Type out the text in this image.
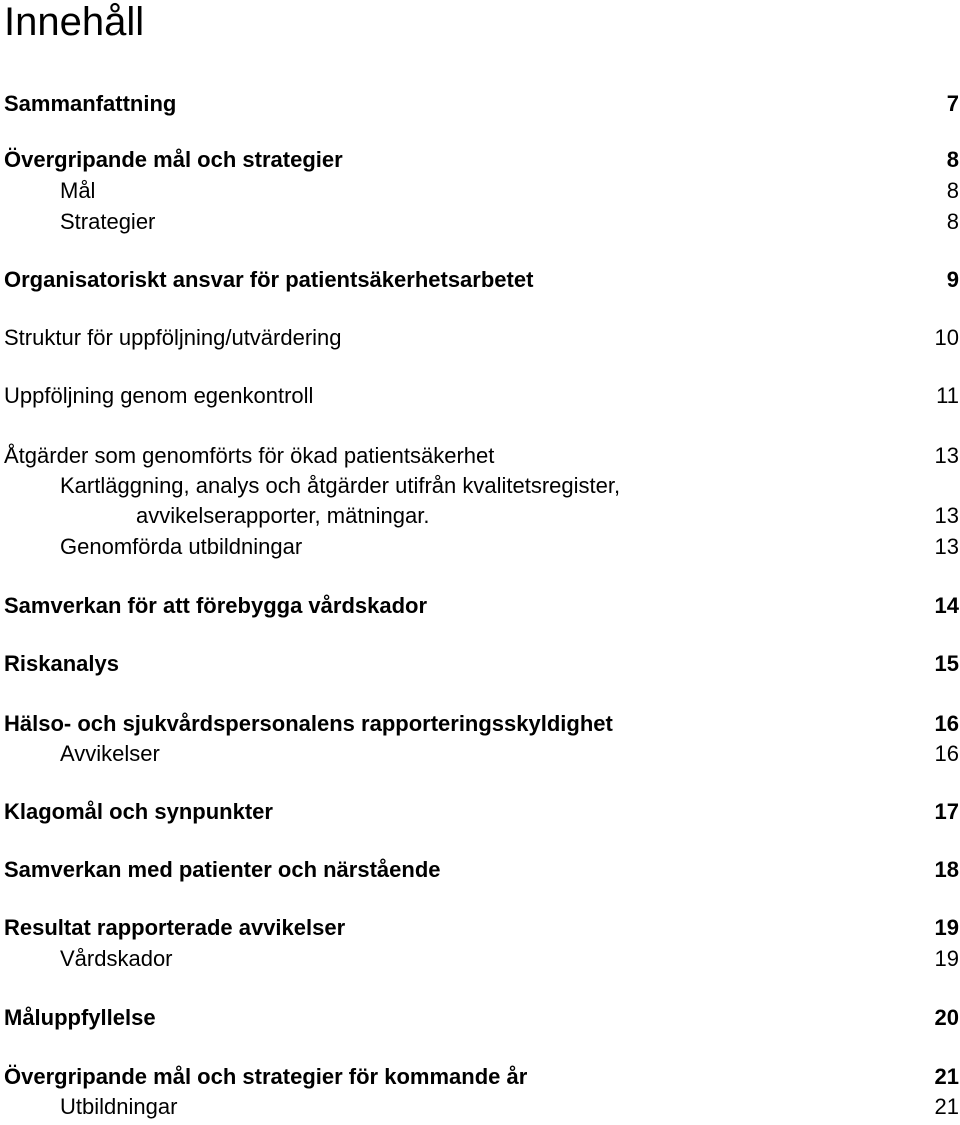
Innehåll
Sammanfattning	7
Övergripande mål och strategier	8
Mål	8
Strategier	8
Organisatoriskt ansvar för patientsäkerhetsarbetet	9
Struktur för uppföljning/utvärdering	10
Uppföljning genom egenkontroll	11
Åtgärder som genomförts för ökad patientsäkerhet	13
Kartläggning, analys och åtgärder utifrån kvalitetsregister,
avvikelserapporter, mätningar.	13
Genomförda utbildningar	13
Samverkan för att förebygga vårdskador	14
Riskanalys	15
Hälso- och sjukvårdspersonalens rapporteringsskyldighet	16
Avvikelser	16
Klagomål och synpunkter	17
Samverkan med patienter och närstående	18
Resultat rapporterade avvikelser	19
Vårdskador	19
Måluppfyllelse	20
Övergripande mål och strategier för kommande år	21
Utbildningar	21
